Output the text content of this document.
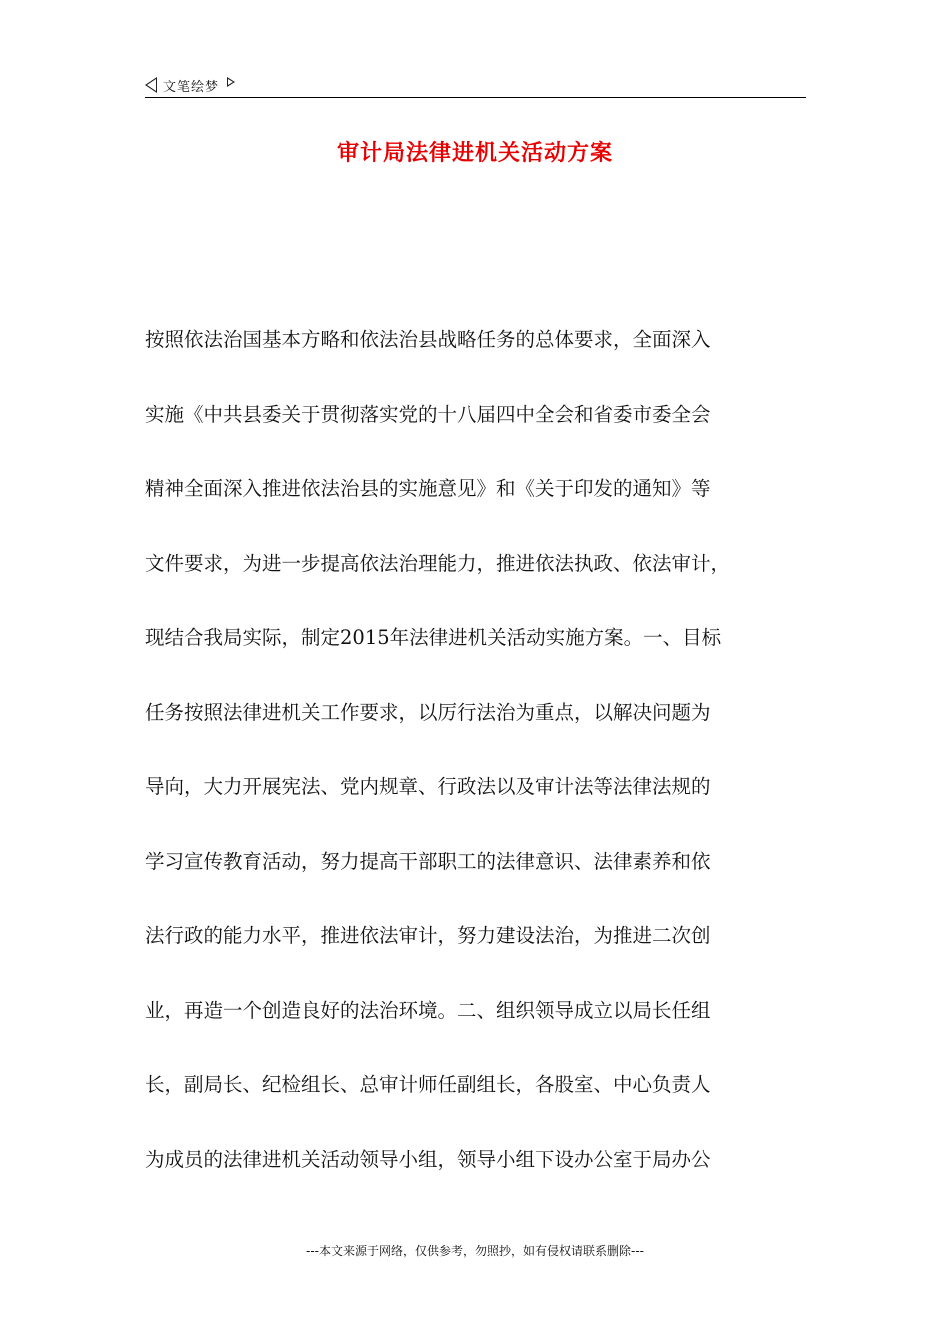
文笔绘梦
审计局法律进机关活动方案
按照依法治国基本方略和依法治县战略任务的总体要求，全面深入
实施《中共县委关于贯彻落实党的十八届四中全会和省委市委全会
精神全面深入推进依法治县的实施意见》和《关于印发的通知》等
文件要求，为进一步提高依法治理能力，推进依法执政、依法审计，
现结合我局实际，制定2015年法律进机关活动实施方案。一、目标
任务按照法律进机关工作要求，以厉行法治为重点，以解决问题为
导向，大力开展宪法、党内规章、行政法以及审计法等法律法规的
学习宣传教育活动，努力提高干部职工的法律意识、法律素养和依
法行政的能力水平，推进依法审计，努力建设法治，为推进二次创
业，再造一个创造良好的法治环境。二、组织领导成立以局长任组
长，副局长、纪检组长、总审计师任副组长，各股室、中心负责人
为成员的法律进机关活动领导小组，领导小组下设办公室于局办公
---本文来源于网络，仅供参考，勿照抄，如有侵权请联系删除---
